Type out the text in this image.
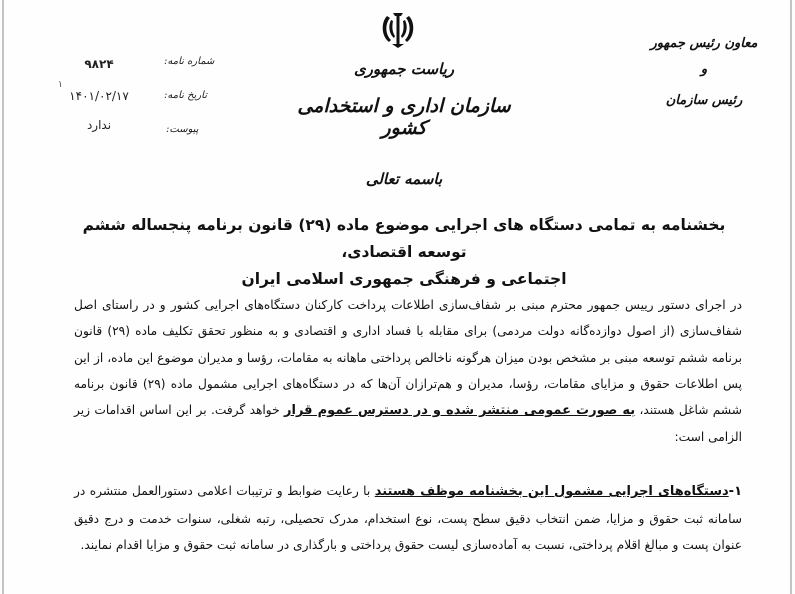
ریاست جمهوری
سازمان اداری و استخدامی کشور
معاون رئیس جمهور
و
رئیس سازمان
شماره نامه:
۹۸۲۴
تاریخ نامه:
۱۴۰۱/۰۲/۱۷
پیوست:
ندارد
۱
باسمه تعالی
بخشنامه به تمامی دستگاه های اجرایی موضوع ماده (۲۹) قانون برنامه پنجساله ششم توسعه اقتصادی،
اجتماعی و فرهنگی جمهوری اسلامی ایران
در اجرای دستور رییس جمهور محترم مبنی بر شفاف‌سازی اطلاعات پرداخت کارکنان دستگاه‌های اجرایی کشور و در راستای اصل شفاف‌سازی (از اصول دوازده‌گانه دولت مردمی) برای مقابله با فساد اداری و اقتصادی و به منظور تحقق تکلیف ماده (۲۹) قانون برنامه ششم توسعه مبنی بر مشخص بودن میزان هرگونه ناخالص پرداختی ماهانه به مقامات، رؤسا و مدیران موضوع این ماده، از این پس اطلاعات حقوق و مزایای مقامات، رؤسا، مدیران و هم‌ترازان آن‌ها که در دستگاه‌های اجرایی مشمول ماده (۲۹) قانون برنامه ششم شاغل هستند، به صورت عمومی منتشر شده و در دسترس عموم قرار خواهد گرفت. بر این اساس اقدامات زیر الزامی است:
۱-دستگاه‌های اجرایی مشمول این بخشنامه موظف هستند با رعایت ضوابط و ترتیبات اعلامی دستورالعمل منتشره در سامانه ثبت حقوق و مزایا، ضمن انتخاب دقیق سطح پست، نوع استخدام، مدرک تحصیلی، رتبه شغلی، سنوات خدمت و درج دقیق عنوان پست و مبالغ اقلام پرداختی، نسبت به آماده‌سازی لیست حقوق پرداختی و بارگذاری در سامانه ثبت حقوق و مزایا اقدام نمایند.
